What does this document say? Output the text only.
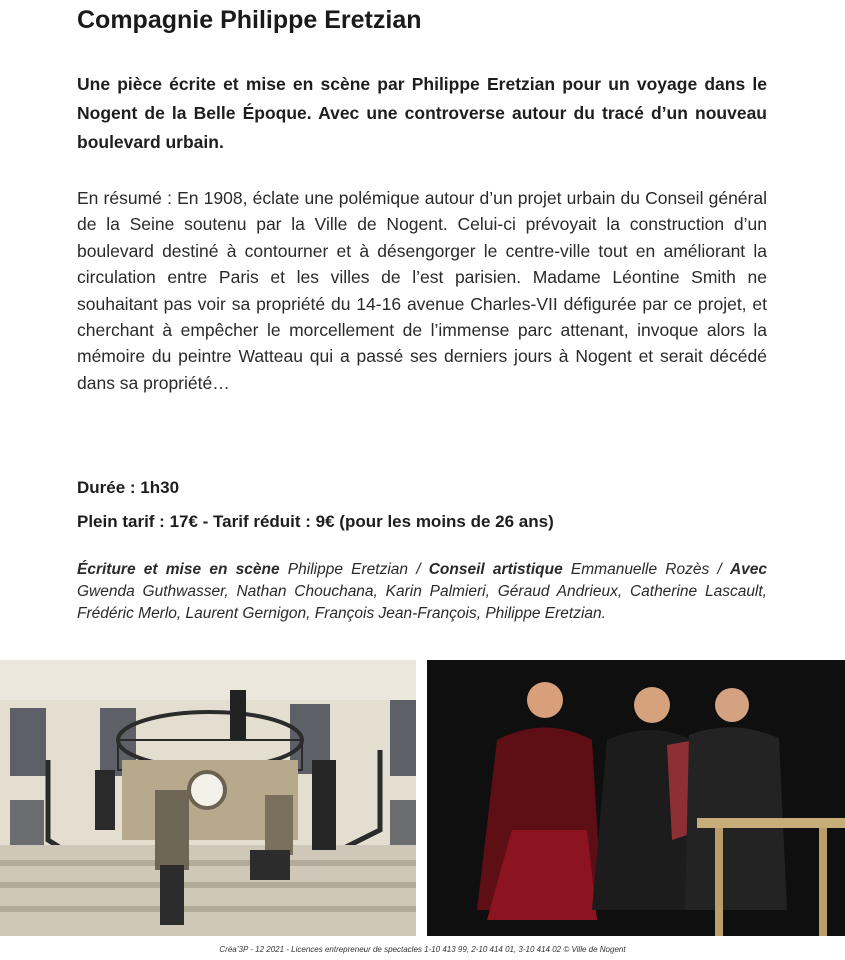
Compagnie Philippe Eretzian

Une pièce écrite et mise en scène par Philippe Eretzian pour un voyage dans le Nogent de la Belle Époque. Avec une controverse autour du tracé d’un nouveau boulevard urbain.

En résumé : En 1908, éclate une polémique autour d’un projet urbain du Conseil général de la Seine soutenu par la Ville de Nogent. Celui-ci prévoyait la construction d’un boulevard destiné à contourner et à désengorger le centre-ville tout en améliorant la circulation entre Paris et les villes de l’est parisien. Madame Léontine Smith ne souhaitant pas voir sa propriété du 14-16 avenue Charles-VII défigurée par ce projet, et cherchant à empêcher le morcellement de l’immense parc attenant, invoque alors la mémoire du peintre Watteau qui a passé ses derniers jours à Nogent et serait décédé dans sa propriété…

Durée : 1h30

Plein tarif : 17€ - Tarif réduit : 9€ (pour les moins de 26 ans)

Écriture et mise en scène Philippe Eretzian / Conseil artistique Emmanuelle Rozès / Avec Gwenda Guthwasser, Nathan Chouchana, Karin Palmieri, Géraud Andrieux, Catherine Lascault, Frédéric Merlo, Laurent Gernigon, François Jean-François, Philippe Eretzian.

Créa’3P - 12 2021 - Licences entrepreneur de spectacles 1-10 413 99, 2-10 414 01, 3-10 414 02 © Ville de Nogent
